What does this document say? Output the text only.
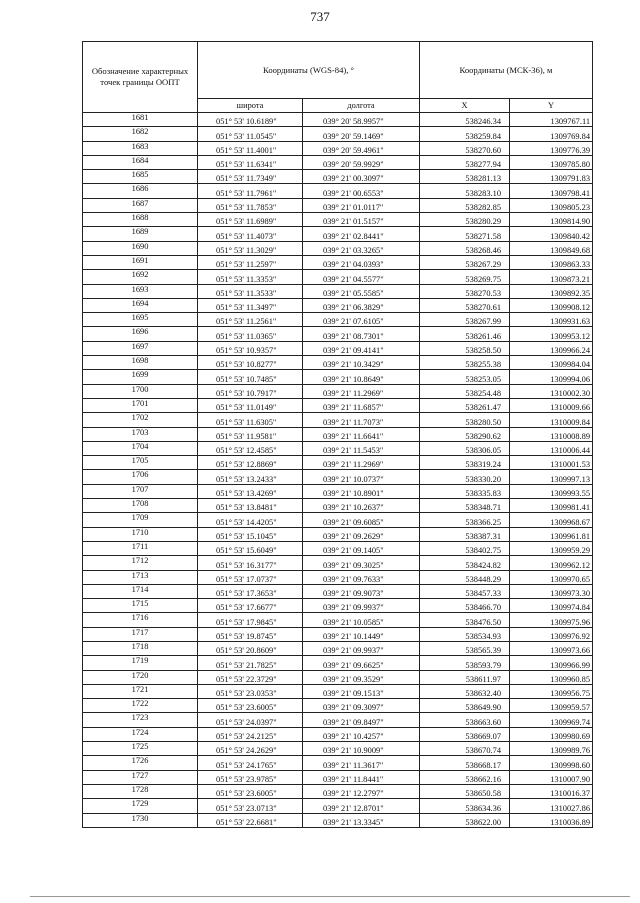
737
Обозначение характерных точек границы ООПТ	Координаты (WGS-84), °		Координаты (МСК-36), м	
	широта	долгота	X	Y
1681	051° 53' 10.6189"	039° 20' 58.9957"	538246.34	1309767.11
1682	051° 53' 11.0545"	039° 20' 59.1469"	538259.84	1309769.84
1683	051° 53' 11.4001"	039° 20' 59.4961"	538270.60	1309776.39
1684	051° 53' 11.6341"	039° 20' 59.9929"	538277.94	1309785.80
1685	051° 53' 11.7349"	039° 21' 00.3097"	538281.13	1309791.83
1686	051° 53' 11.7961"	039° 21' 00.6553"	538283.10	1309798.41
1687	051° 53' 11.7853"	039° 21' 01.0117"	538282.85	1309805.23
1688	051° 53' 11.6989"	039° 21' 01.5157"	538280.29	1309814.90
1689	051° 53' 11.4073"	039° 21' 02.8441"	538271.58	1309840.42
1690	051° 53' 11.3029"	039° 21' 03.3265"	538268.46	1309849.68
1691	051° 53' 11.2597"	039° 21' 04.0393"	538267.29	1309863.33
1692	051° 53' 11.3353"	039° 21' 04.5577"	538269.75	1309873.21
1693	051° 53' 11.3533"	039° 21' 05.5585"	538270.53	1309892.35
1694	051° 53' 11.3497"	039° 21' 06.3829"	538270.61	1309908.12
1695	051° 53' 11.2561"	039° 21' 07.6105"	538267.99	1309931.63
1696	051° 53' 11.0365"	039° 21' 08.7301"	538261.46	1309953.12
1697	051° 53' 10.9357"	039° 21' 09.4141"	538258.50	1309966.24
1698	051° 53' 10.8277"	039° 21' 10.3429"	538255.38	1309984.04
1699	051° 53' 10.7485"	039° 21' 10.8649"	538253.05	1309994.06
1700	051° 53' 10.7917"	039° 21' 11.2969"	538254.48	1310002.30
1701	051° 53' 11.0149"	039° 21' 11.6857"	538261.47	1310009.66
1702	051° 53' 11.6305"	039° 21' 11.7073"	538280.50	1310009.84
1703	051° 53' 11.9581"	039° 21' 11.6641"	538290.62	1310008.89
1704	051° 53' 12.4585"	039° 21' 11.5453"	538306.05	1310006.44
1705	051° 53' 12.8869"	039° 21' 11.2969"	538319.24	1310001.53
1706	051° 53' 13.2433"	039° 21' 10.0737"	538330.20	1309997.13
1707	051° 53' 13.4269"	039° 21' 10.8901"	538335.83	1309993.55
1708	051° 53' 13.8481"	039° 21' 10.2637"	538348.71	1309981.41
1709	051° 53' 14.4205"	039° 21' 09.6085"	538366.25	1309968.67
1710	051° 53' 15.1045"	039° 21' 09.2629"	538387.31	1309961.81
1711	051° 53' 15.6049"	039° 21' 09.1405"	538402.75	1309959.29
1712	051° 53' 16.3177"	039° 21' 09.3025"	538424.82	1309962.12
1713	051° 53' 17.0737"	039° 21' 09.7633"	538448.29	1309970.65
1714	051° 53' 17.3653"	039° 21' 09.9073"	538457.33	1309973.30
1715	051° 53' 17.6677"	039° 21' 09.9937"	538466.70	1309974.84
1716	051° 53' 17.9845"	039° 21' 10.0585"	538476.50	1309975.96
1717	051° 53' 19.8745"	039° 21' 10.1449"	538534.93	1309976.92
1718	051° 53' 20.8609"	039° 21' 09.9937"	538565.39	1309973.66
1719	051° 53' 21.7825"	039° 21' 09.6625"	538593.79	1309966.99
1720	051° 53' 22.3729"	039° 21' 09.3529"	538611.97	1309960.85
1721	051° 53' 23.0353"	039° 21' 09.1513"	538632.40	1309956.75
1722	051° 53' 23.6005"	039° 21' 09.3097"	538649.90	1309959.57
1723	051° 53' 24.0397"	039° 21' 09.8497"	538663.60	1309969.74
1724	051° 53' 24.2125"	039° 21' 10.4257"	538669.07	1309980.69
1725	051° 53' 24.2629"	039° 21' 10.9009"	538670.74	1309989.76
1726	051° 53' 24.1765"	039° 21' 11.3617"	538668.17	1309998.60
1727	051° 53' 23.9785"	039° 21' 11.8441"	538662.16	1310007.90
1728	051° 53' 23.6005"	039° 21' 12.2797"	538650.58	1310016.37
1729	051° 53' 23.0713"	039° 21' 12.8701"	538634.36	1310027.86
1730	051° 53' 22.6681"	039° 21' 13.3345"	538622.00	1310036.89
